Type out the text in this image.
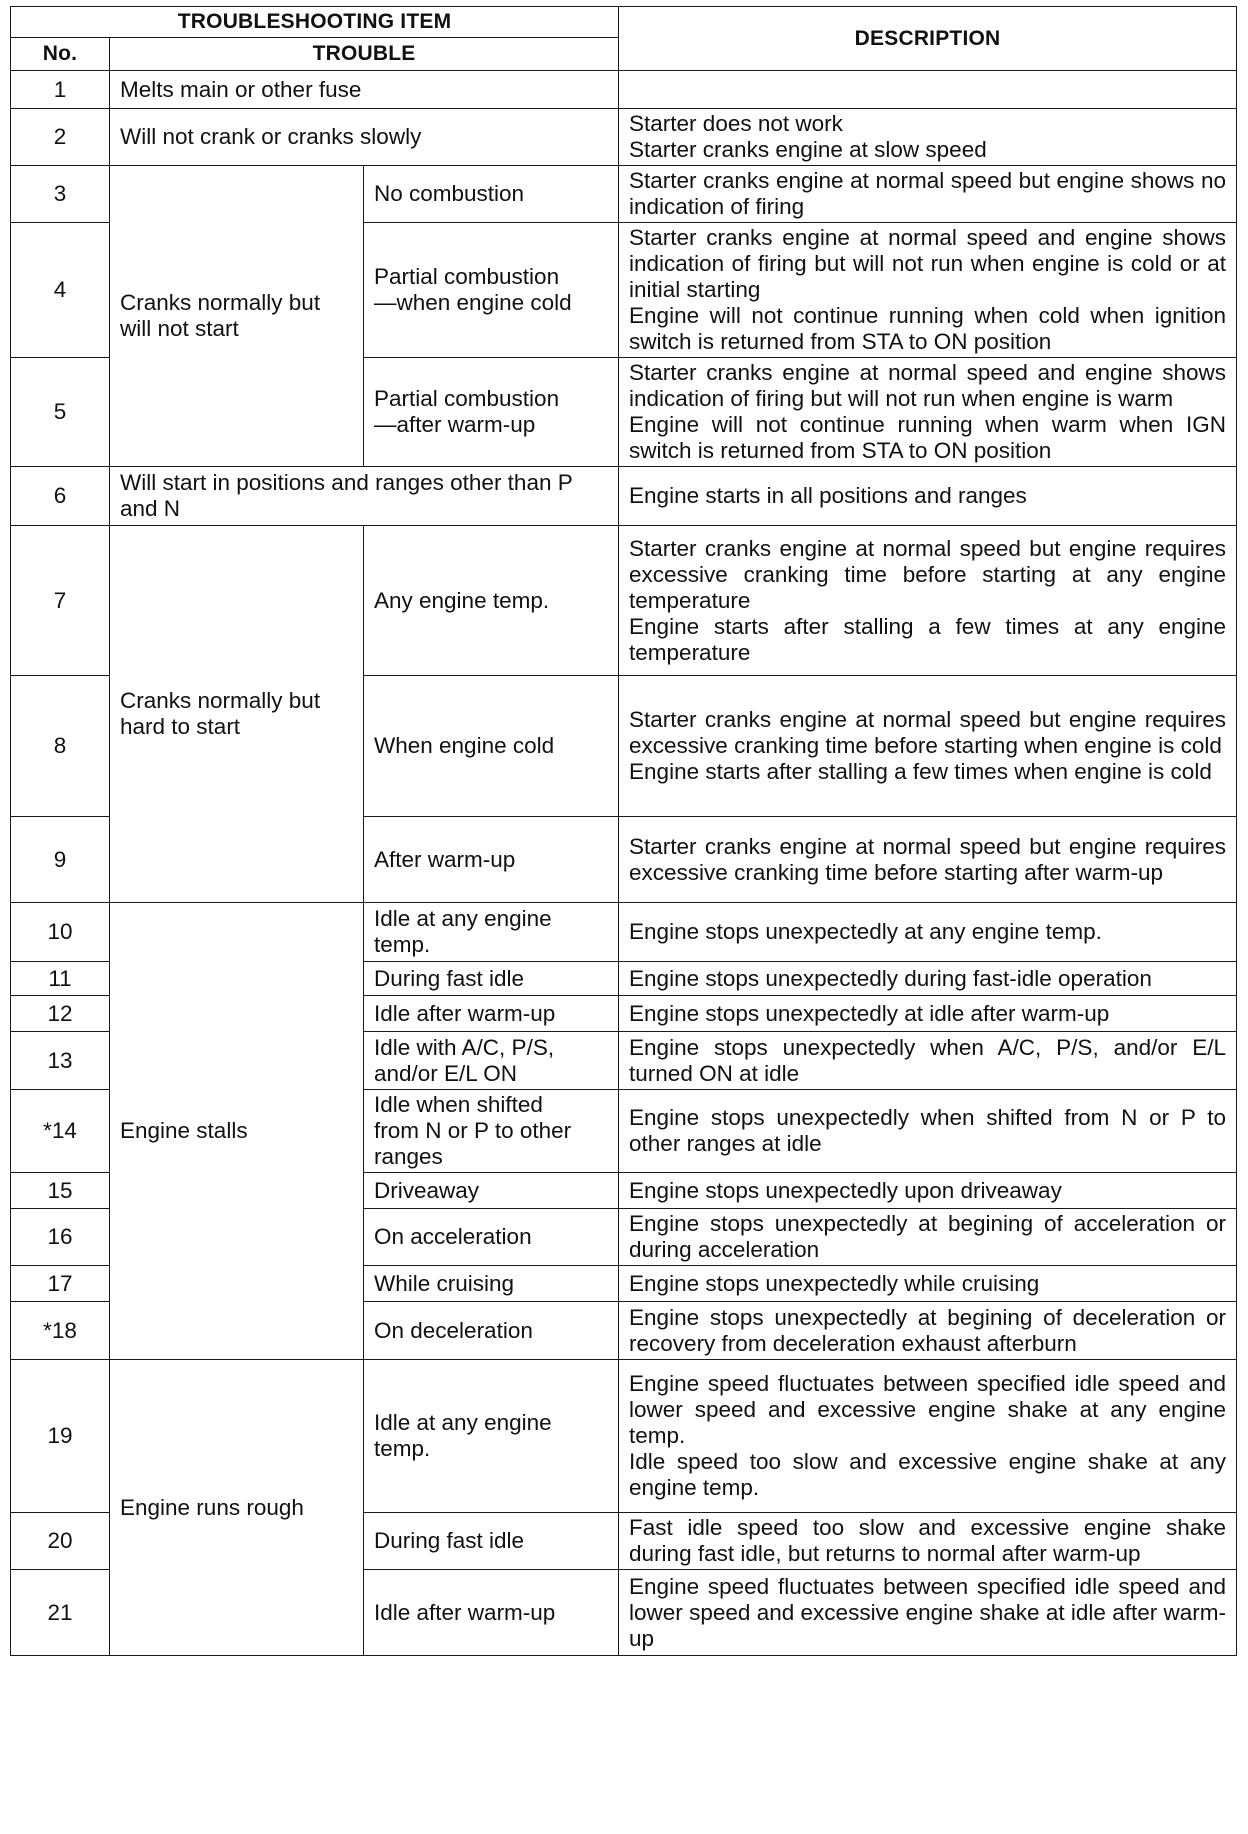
TROUBLESHOOTING ITEM			DESCRIPTION
No.	TROUBLE		
1	Melts main or other fuse		

2	Will not crank or cranks slowly		Starter does not work
Starter cranks engine at slow speed

3	Cranks normally but
will not start	No combustion	Starter cranks engine at normal speed but engine shows no indication of firing

4		Partial combustion
—when engine cold	Starter cranks engine at normal speed and engine shows indication of firing but will not run when engine is cold or at initial starting
Engine will not continue running when cold when ignition switch is returned from STA to ON position

5		Partial combustion
—after warm-up	Starter cranks engine at normal speed and engine shows indication of firing but will not run when engine is warm
Engine will not continue running when warm when IGN switch is returned from STA to ON position

6	Will start in positions and ranges other than P and N		Engine starts in all positions and ranges

7	Cranks normally but
hard to start	Any engine temp.	Starter cranks engine at normal speed but engine requires excessive cranking time before starting at any engine temperature
Engine starts after stalling a few times at any engine temperature

8		When engine cold	Starter cranks engine at normal speed but engine requires excessive cranking time before starting when engine is cold
Engine starts after stalling a few times when engine is cold

9		After warm-up	Starter cranks engine at normal speed but engine requires excessive cranking time before starting after warm-up

10	Engine stalls	Idle at any engine
temp.	Engine stops unexpectedly at any engine temp.

11		During fast idle	Engine stops unexpectedly during fast-idle operation

12		Idle after warm-up	Engine stops unexpectedly at idle after warm-up

13		Idle with A/C, P/S,
and/or E/L ON	Engine stops unexpectedly when A/C, P/S, and/or E/L turned ON at idle

*14		Idle when shifted
from N or P to other
ranges	Engine stops unexpectedly when shifted from N or P to other ranges at idle

15		Driveaway	Engine stops unexpectedly upon driveaway

16		On acceleration	Engine stops unexpectedly at begining of acceleration or during acceleration

17		While cruising	Engine stops unexpectedly while cruising

*18		On deceleration	Engine stops unexpectedly at begining of deceleration or recovery from deceleration exhaust afterburn

19	Engine runs rough	Idle at any engine
temp.	Engine speed fluctuates between specified idle speed and lower speed and excessive engine shake at any engine temp.
Idle speed too slow and excessive engine shake at any engine temp.

20		During fast idle	Fast idle speed too slow and excessive engine shake during fast idle, but returns to normal after warm-up

21		Idle after warm-up	Engine speed fluctuates between specified idle speed and lower speed and excessive engine shake at idle after warm-up
